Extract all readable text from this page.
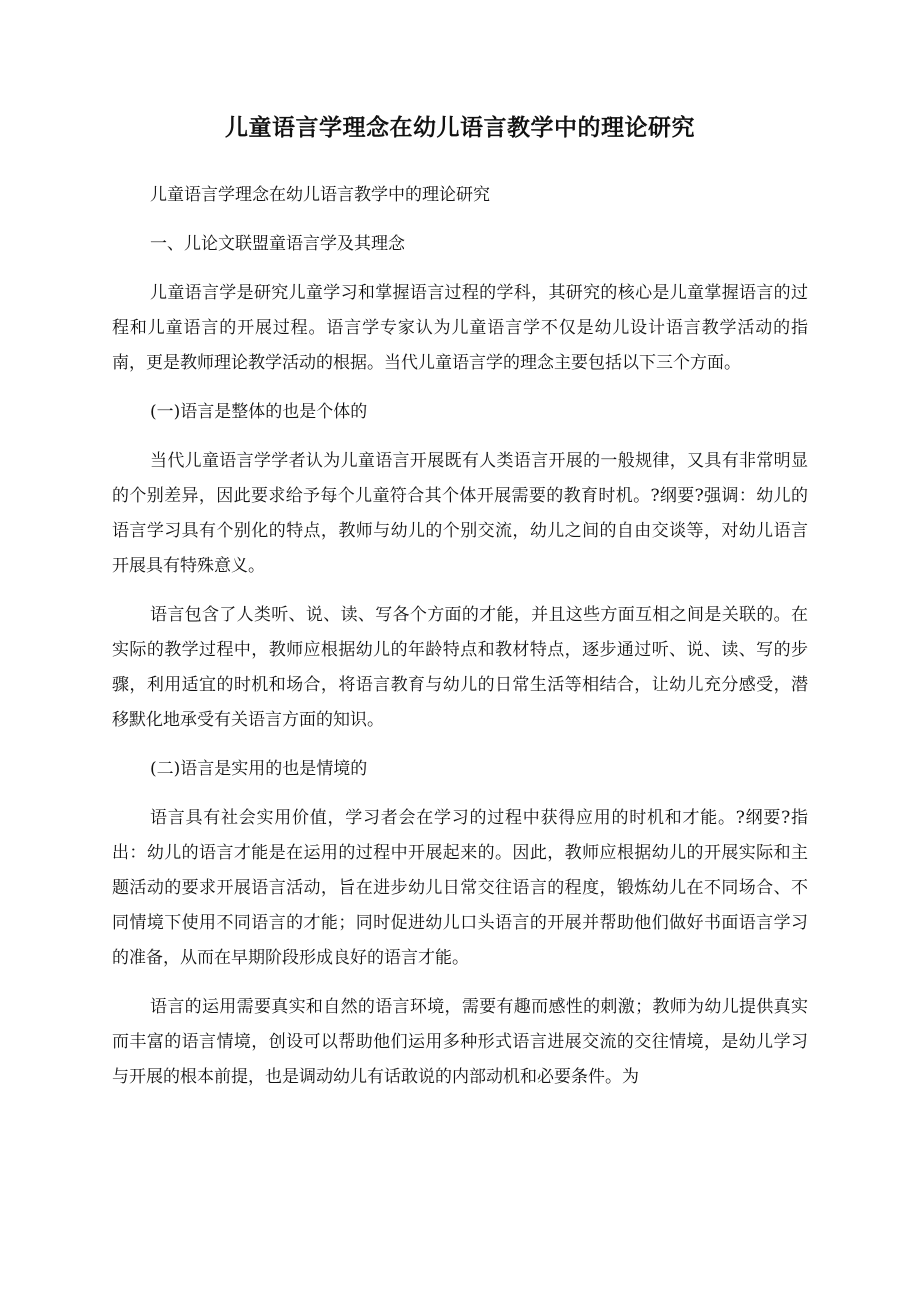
儿童语言学理念在幼儿语言教学中的理论研究

儿童语言学理念在幼儿语言教学中的理论研究

一、儿论文联盟童语言学及其理念

儿童语言学是研究儿童学习和掌握语言过程的学科，其研究的核心是儿童掌握语言的过程和儿童语言的开展过程。语言学专家认为儿童语言学不仅是幼儿设计语言教学活动的指南，更是教师理论教学活动的根据。当代儿童语言学的理念主要包括以下三个方面。

(一)语言是整体的也是个体的

当代儿童语言学学者认为儿童语言开展既有人类语言开展的一般规律，又具有非常明显的个别差异，因此要求给予每个儿童符合其个体开展需要的教育时机。?纲要?强调：幼儿的语言学习具有个别化的特点，教师与幼儿的个别交流，幼儿之间的自由交谈等，对幼儿语言开展具有特殊意义。

语言包含了人类听、说、读、写各个方面的才能，并且这些方面互相之间是关联的。在实际的教学过程中，教师应根据幼儿的年龄特点和教材特点，逐步通过听、说、读、写的步骤，利用适宜的时机和场合，将语言教育与幼儿的日常生活等相结合，让幼儿充分感受，潜移默化地承受有关语言方面的知识。

(二)语言是实用的也是情境的

语言具有社会实用价值，学习者会在学习的过程中获得应用的时机和才能。?纲要?指出：幼儿的语言才能是在运用的过程中开展起来的。因此，教师应根据幼儿的开展实际和主题活动的要求开展语言活动，旨在进步幼儿日常交往语言的程度，锻炼幼儿在不同场合、不同情境下使用不同语言的才能；同时促进幼儿口头语言的开展并帮助他们做好书面语言学习的准备，从而在早期阶段形成良好的语言才能。

语言的运用需要真实和自然的语言环境，需要有趣而感性的刺激；教师为幼儿提供真实而丰富的语言情境，创设可以帮助他们运用多种形式语言进展交流的交往情境，是幼儿学习与开展的根本前提，也是调动幼儿有话敢说的内部动机和必要条件。为
